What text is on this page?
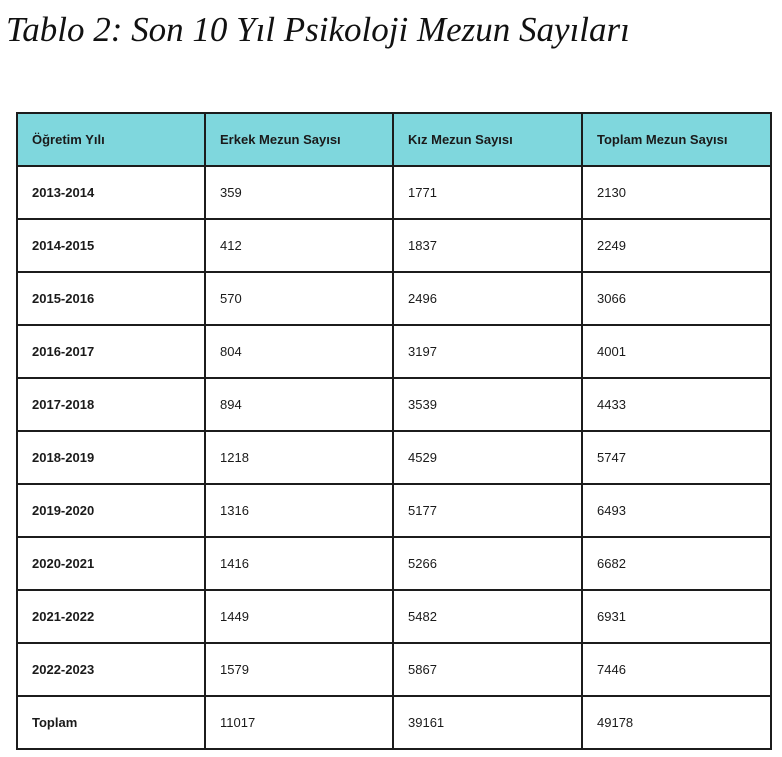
Tablo 2: Son 10 Yıl Psikoloji Mezun Sayıları
Öğretim Yılı	Erkek Mezun Sayısı	Kız Mezun Sayısı	Toplam Mezun Sayısı
2013-2014	359	1771	2130
2014-2015	412	1837	2249
2015-2016	570	2496	3066
2016-2017	804	3197	4001
2017-2018	894	3539	4433
2018-2019	1218	4529	5747
2019-2020	1316	5177	6493
2020-2021	1416	5266	6682
2021-2022	1449	5482	6931
2022-2023	1579	5867	7446
Toplam	11017	39161	49178
